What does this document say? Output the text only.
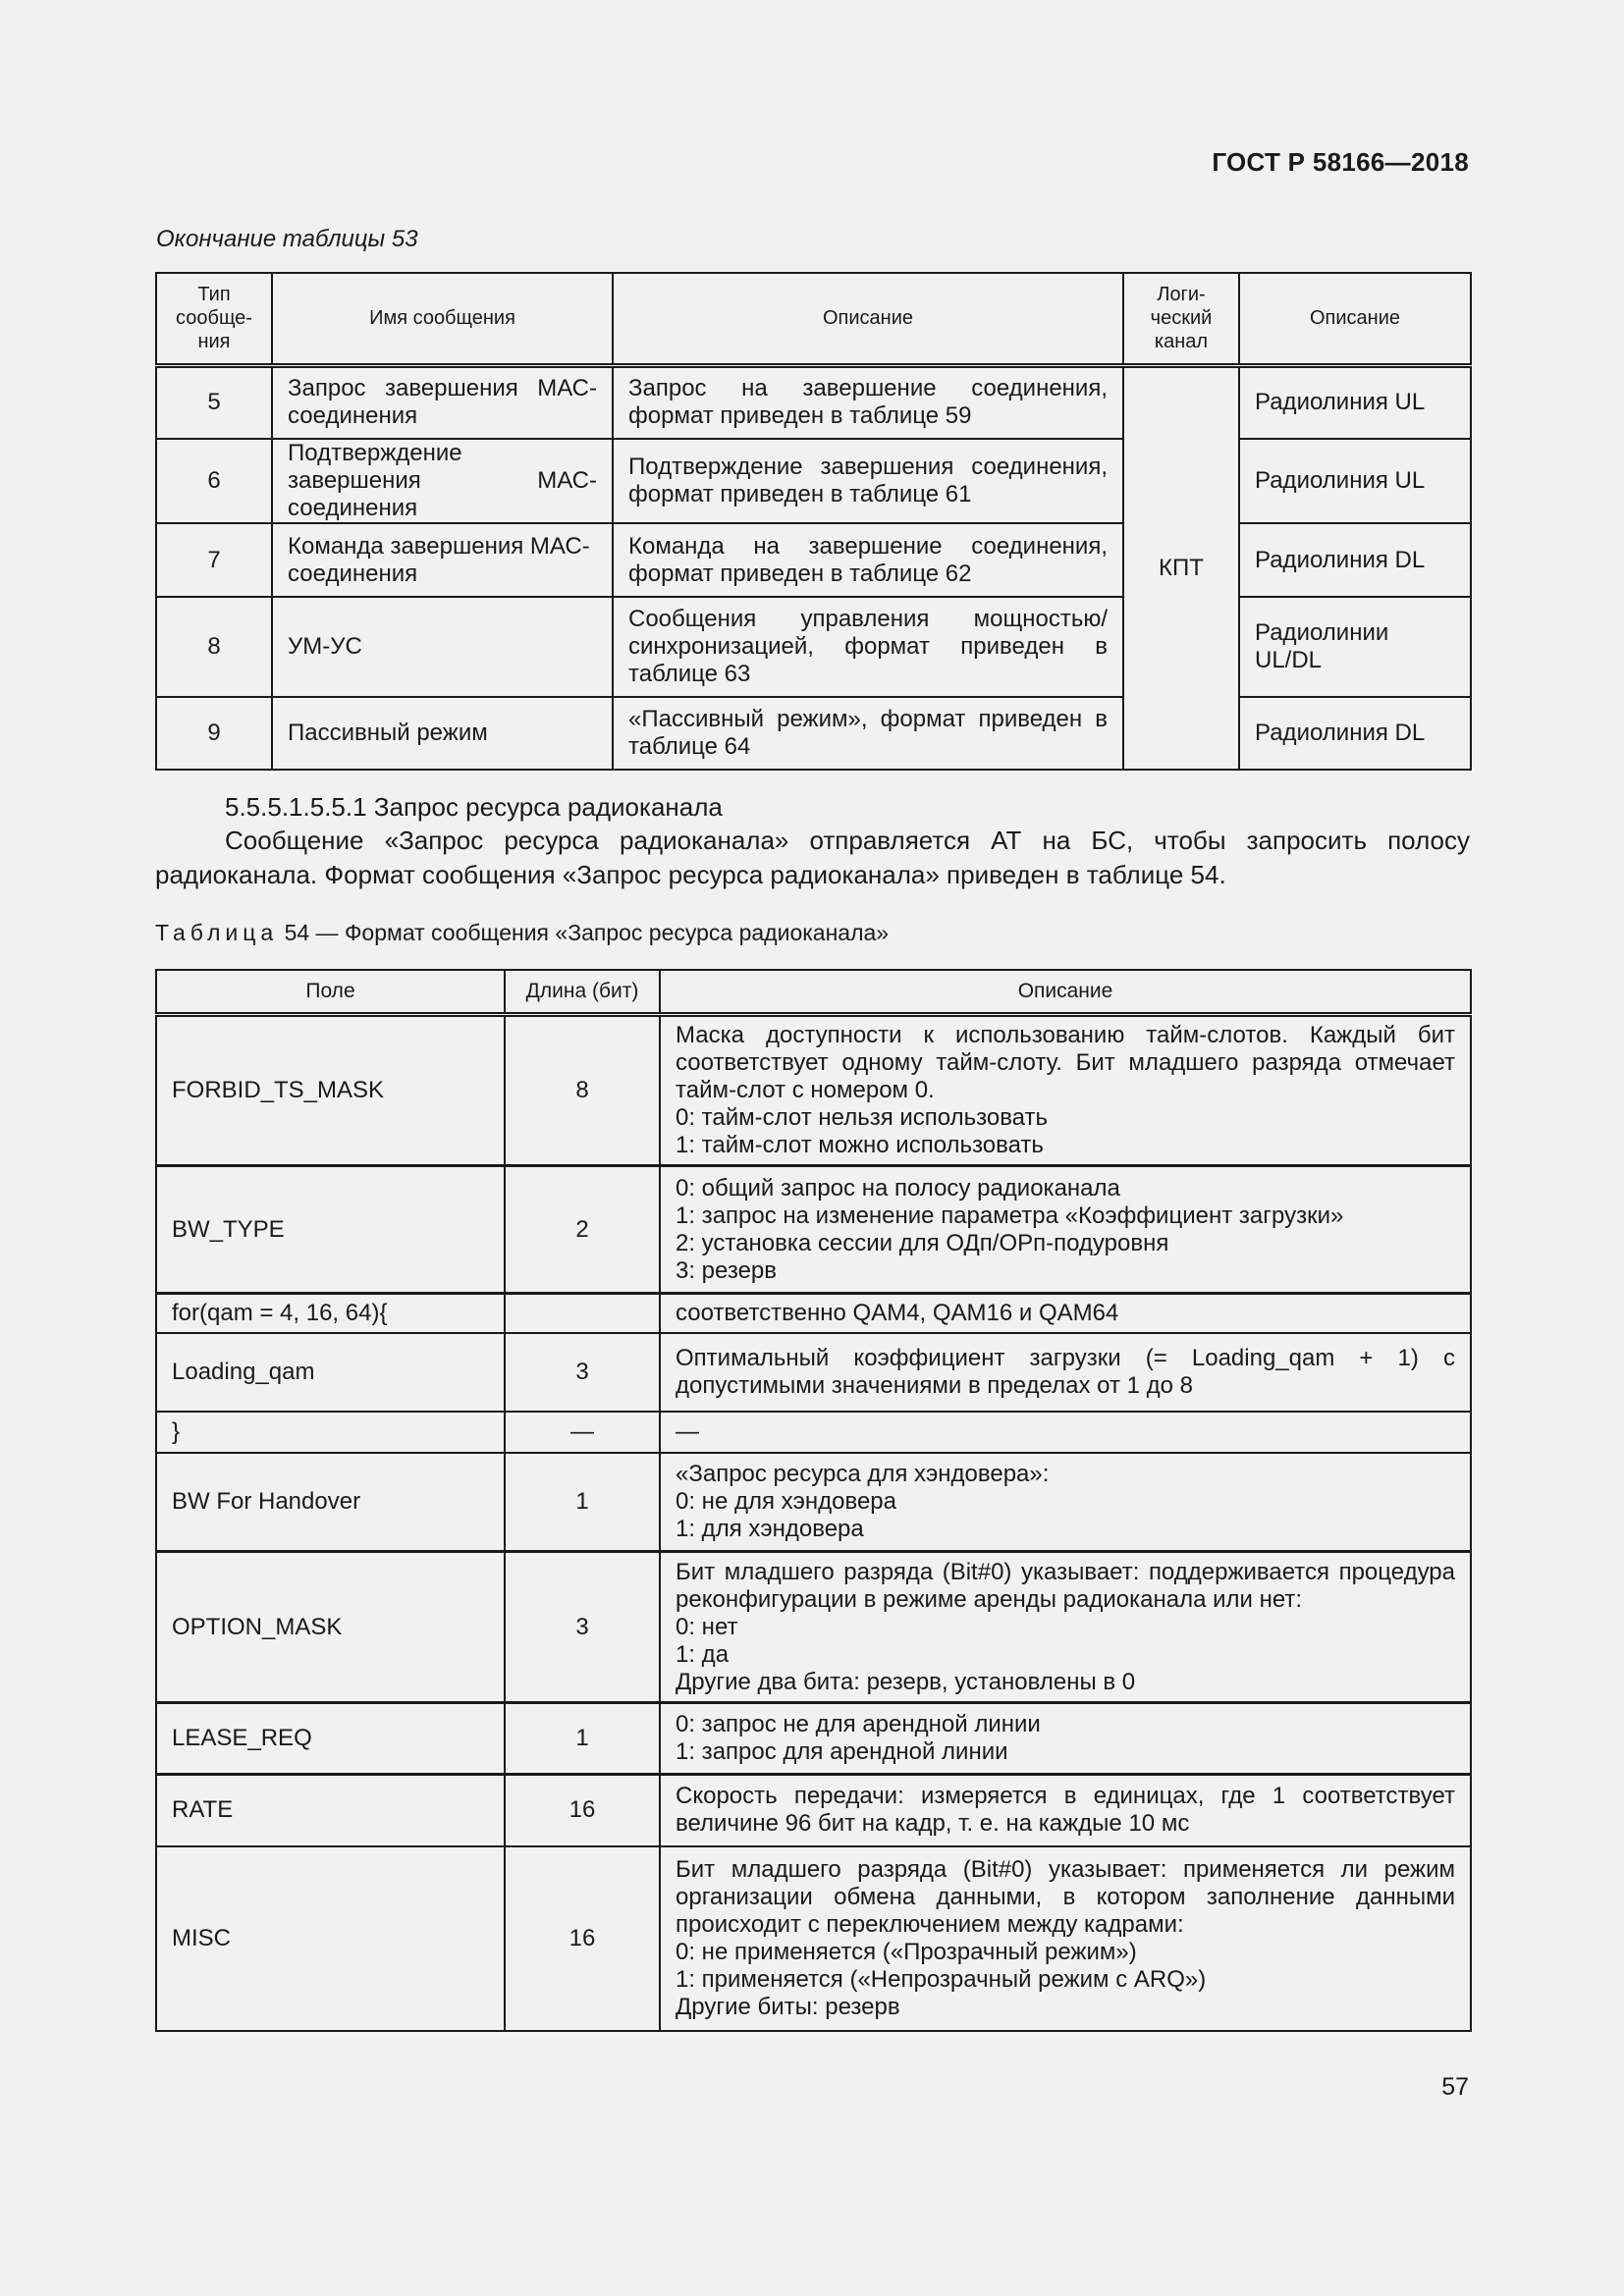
ГОСТ Р 58166—2018
Окончание таблицы 53
Тип сообще-ния	Имя сообщения	Описание	Логи-ческий канал	Описание
5	Запрос завершения МАС-соединения	Запрос на завершение соединения, формат приведен в таблице 59	КПТ	Радиолиния UL
6	Подтверждение завершения МАС-соединения	Подтверждение завершения соединения, формат приведен в таблице 61		Радиолиния UL
7	Команда завершения МАС-соединения	Команда на завершение соединения, формат приведен в таблице 62		Радиолиния DL
8	УМ-УС	Сообщения управления мощностью/синхронизацией, формат приведен в таблице 63		Радиолинии UL/DL
9	Пассивный режим	«Пассивный режим», формат приведен в таблице 64		Радиолиния DL
5.5.5.1.5.5.1 Запрос ресурса радиоканала
Сообщение «Запрос ресурса радиоканала» отправляется АТ на БС, чтобы запросить полосу радиоканала. Формат сообщения «Запрос ресурса радиоканала» приведен в таблице 54.
Таблица 54 — Формат сообщения «Запрос ресурса радиоканала»
Поле	Длина (бит)	Описание
FORBID_TS_MASK	8	Маска доступности к использованию тайм-слотов. Каждый бит соответствует одному тайм-слоту. Бит младшего разряда отмечает тайм-слот с номером 0.
0: тайм-слот нельзя использовать
1: тайм-слот можно использовать

BW_TYPE	2	0: общий запрос на полосу радиоканала
1: запрос на изменение параметра «Коэффициент загрузки»
2: установка сессии для ОДп/ОРп-подуровня
3: резерв

for(qam = 4, 16, 64){		соответственно QAM4, QAM16 и QAM64

Loading_qam	3	Оптимальный коэффициент загрузки (= Loading_qam + 1) с допустимыми значениями в пределах от 1 до 8

}	—	—

BW For Handover	1	«Запрос ресурса для хэндовера»:
0: не для хэндовера
1: для хэндовера

OPTION_MASK	3	Бит младшего разряда (Bit#0) указывает: поддерживается процедура реконфигурации в режиме аренды радиоканала или нет:
0: нет
1: да
Другие два бита: резерв, установлены в 0

LEASE_REQ	1	0: запрос не для арендной линии
1: запрос для арендной линии

RATE	16	Скорость передачи: измеряется в единицах, где 1 соответствует величине 96 бит на кадр, т. е. на каждые 10 мс

MISC	16	Бит младшего разряда (Bit#0) указывает: применяется ли режим организации обмена данными, в котором заполнение данными происходит с переключением между кадрами:
0: не применяется («Прозрачный режим»)
1: применяется («Непрозрачный режим с ARQ»)
Другие биты: резерв
57
